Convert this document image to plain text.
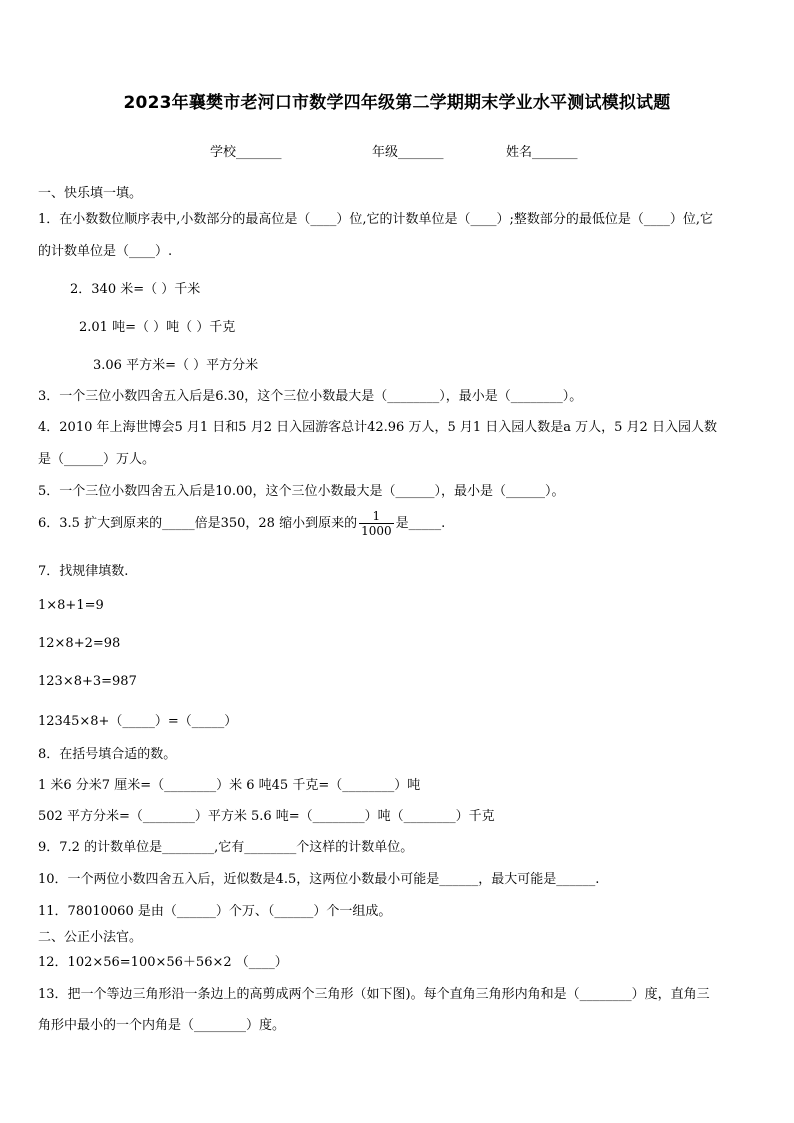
2023年襄樊市老河口市数学四年级第二学期期末学业水平测试模拟试题
学校_______	年级_______	姓名_______
一、快乐填一填。
1．在小数数位顺序表中,小数部分的最高位是（____）位,它的计数单位是（____）;整数部分的最低位是（____）位,它
的计数单位是（____）.
2．340 米=（ ）千米
2.01 吨=（ ）吨（ ）千克
3.06 平方米=（ ）平方分米
3．一个三位小数四舍五入后是6.30，这个三位小数最大是（________），最小是（________）。
4．2010 年上海世博会5 月1 日和5 月2 日入园游客总计42.96 万人，5 月1 日入园人数是a 万人，5 月2 日入园人数
是（______）万人。
5．一个三位小数四舍五入后是10.00，这个三位小数最大是（______），最小是（______）。
6．3.5 扩大到原来的_____倍是350，28 缩小到原来的 $\frac{1}{1000}$ 是_____.
7．找规律填数.
1×8+1=9
12×8+2=98
123×8+3=987
12345×8+（_____）=（_____）
8．在括号填合适的数。
1 米6 分米7 厘米=（________）米 6 吨45 千克=（________）吨
502 平方分米=（________）平方米 5.6 吨=（________）吨（________）千克
9．7.2 的计数单位是________,它有________个这样的计数单位。
10．一个两位小数四舍五入后，近似数是4.5，这两位小数最小可能是______，最大可能是______.
11．78010060 是由（______）个万、（______）个一组成。
二、公正小法官。
12．102×56=100×56＋56×2 （____）
13．把一个等边三角形沿一条边上的高剪成两个三角形（如下图)。每个直角三角形内角和是（________）度，直角三
角形中最小的一个内角是（________）度。
